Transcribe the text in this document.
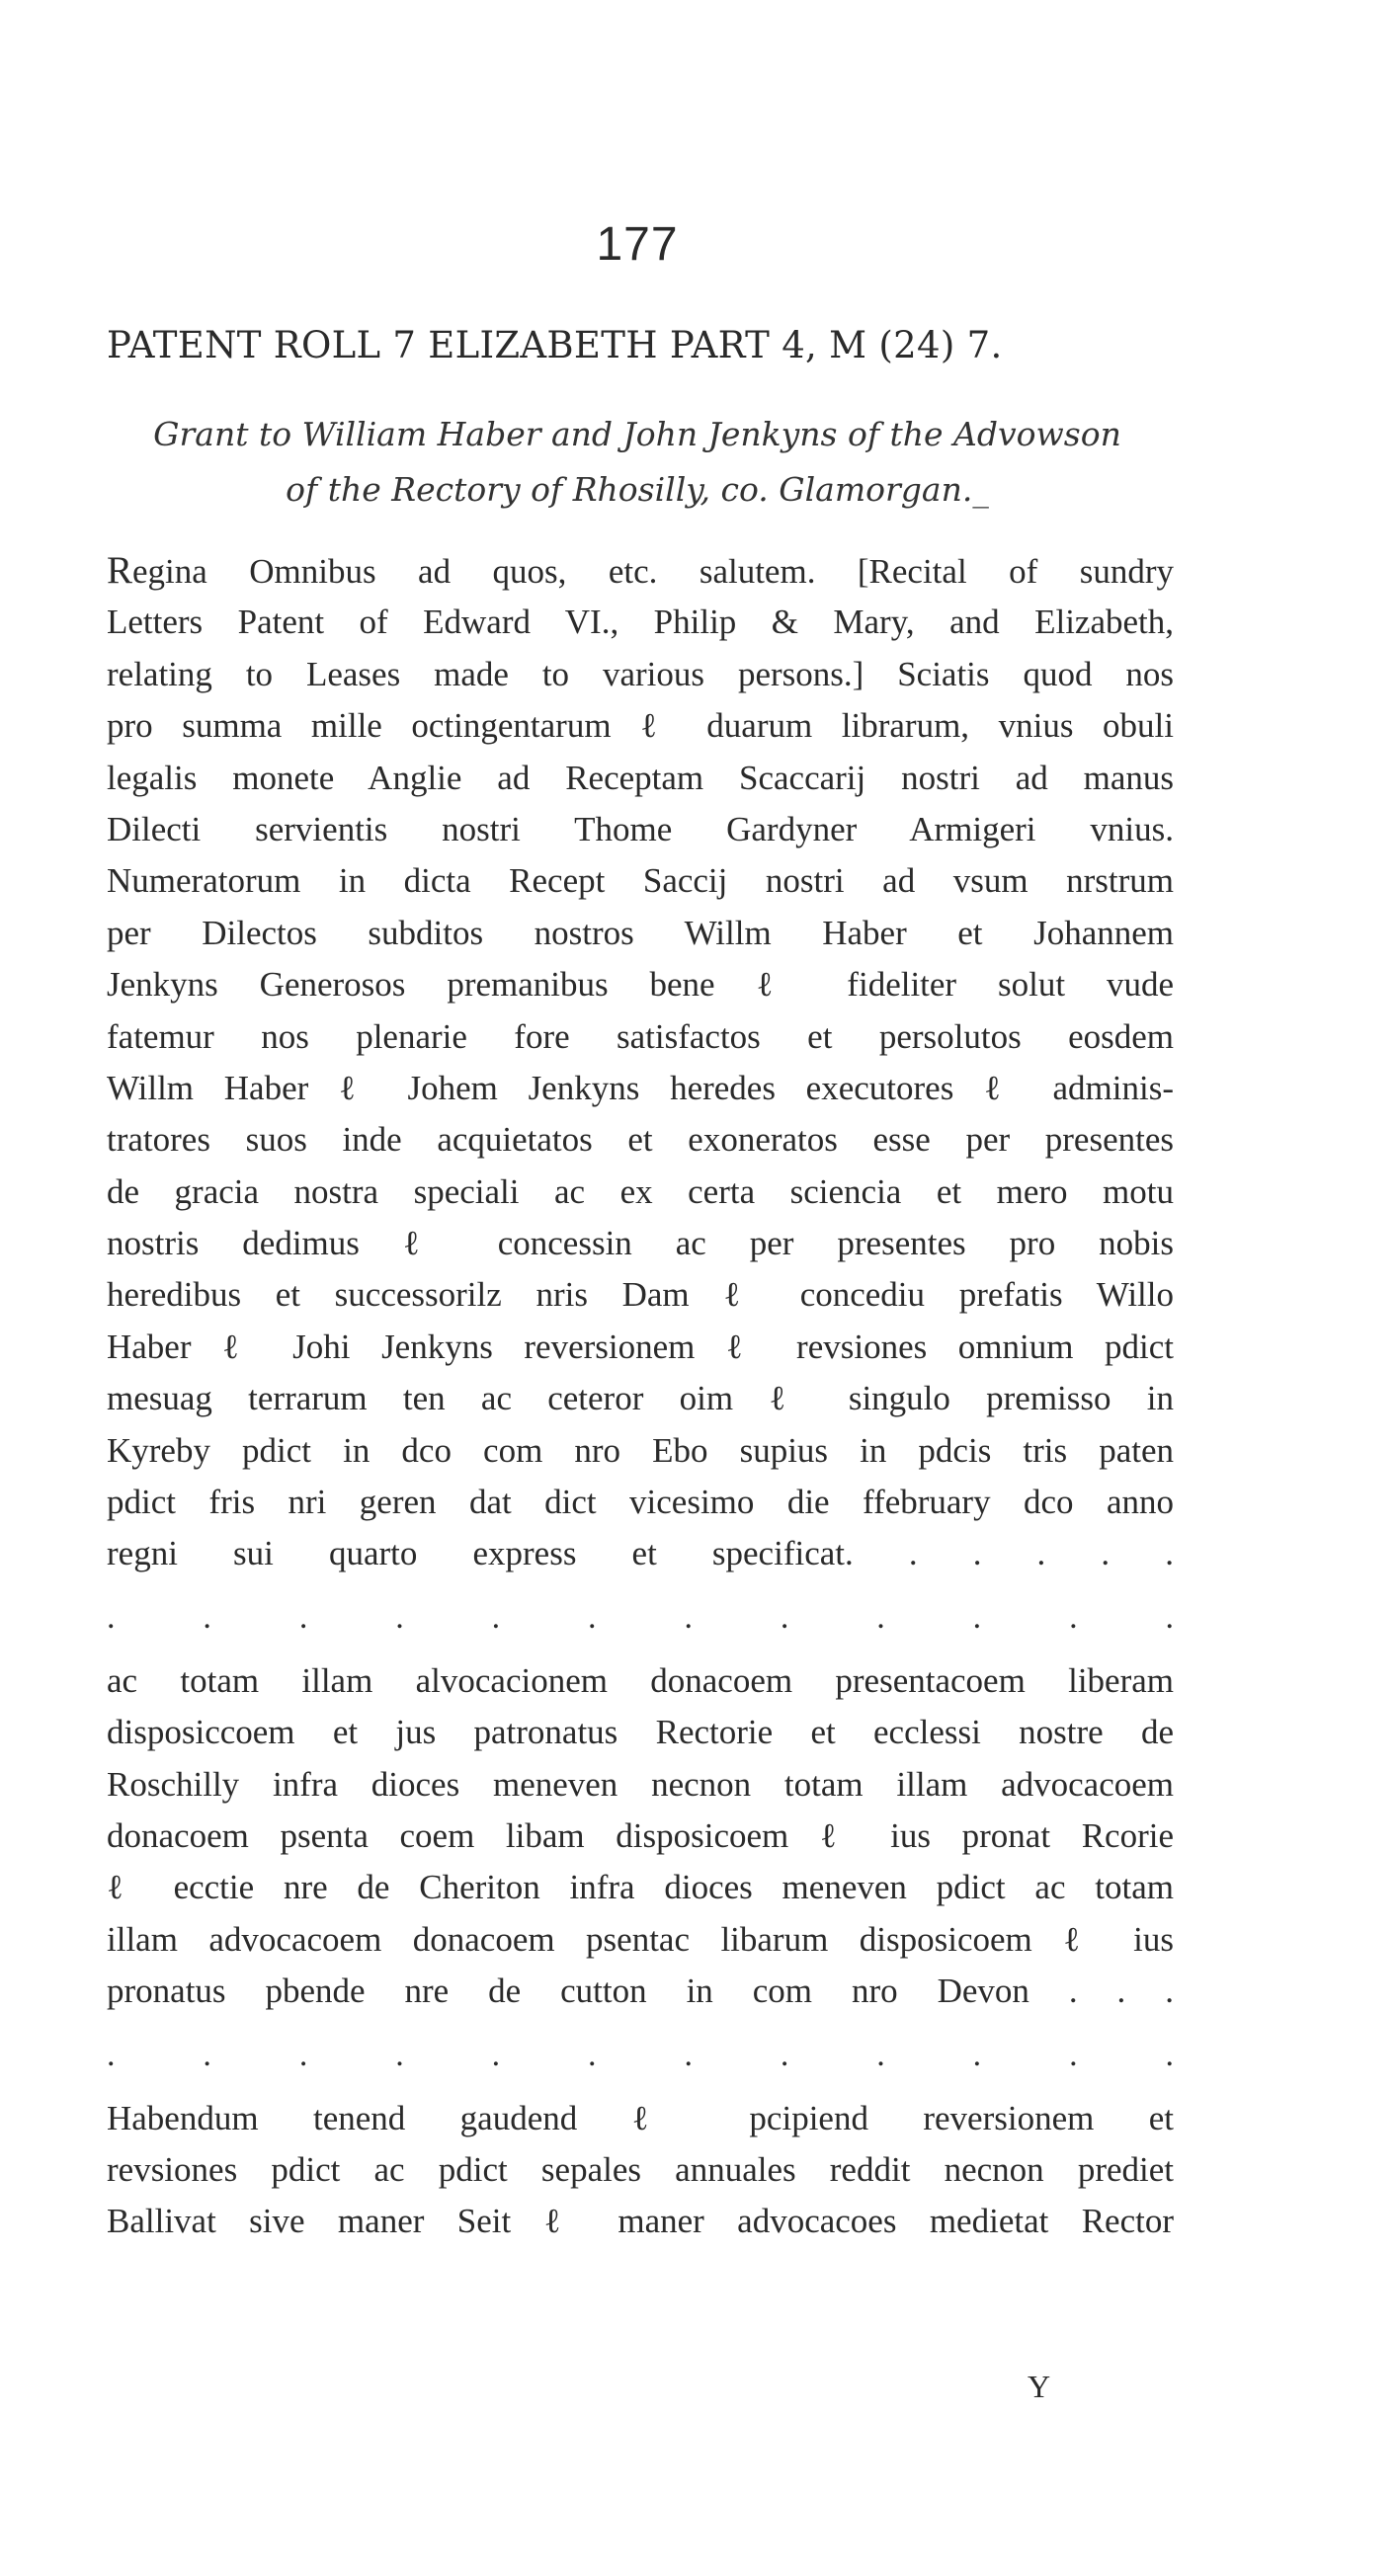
177
PATENT ROLL 7 ELIZABETH PART 4, M (24) 7.
Grant to William Haber and John Jenkyns of the Advowson
of the Rectory of Rhosilly, co. Glamorgan._
Regina Omnibus ad quos, etc. salutem. [Recital of sundry
Letters Patent of Edward VI., Philip & Mary, and Elizabeth,
relating to Leases made to various persons.] Sciatis quod nos
pro summa mille octingentarum ℓ duarum librarum, vnius obuli
legalis monete Anglie ad Receptam Scaccarij nostri ad manus
Dilecti servientis nostri Thome Gardyner Armigeri vnius.
Numeratorum in dicta Recept Saccij nostri ad vsum nrstrum
per Dilectos subditos nostros Willm Haber et Johannem
Jenkyns Generosos premanibus bene ℓ fideliter solut vude
fatemur nos plenarie fore satisfactos et persolutos eosdem
Willm Haber ℓ Johem Jenkyns heredes executores ℓ adminis-
tratores suos inde acquietatos et exoneratos esse per presentes
de gracia nostra speciali ac ex certa sciencia et mero motu
nostris dedimus ℓ concessin ac per presentes pro nobis
heredibus et successorilz nris Dam ℓ concediu prefatis Willo
Haber ℓ Johi Jenkyns reversionem ℓ revsiones omnium pdict
mesuag terrarum ten ac ceteror oim ℓ singulo premisso in
Kyreby pdict in dco com nro Ebo supius in pdcis tris paten
pdict fris nri geren dat dict vicesimo die ffebruary dco anno
regni sui quarto express et specificat. . . . . .
. . . . . . . . . . . .
ac totam illam alvocacionem donacoem presentacoem liberam
disposiccoem et jus patronatus Rectorie et ecclessi nostre de
Roschilly infra dioces meneven necnon totam illam advocacoem
donacoem psenta coem libam disposicoem ℓ ius pronat Rcorie
ℓ ecctie nre de Cheriton infra dioces meneven pdict ac totam
illam advocacoem donacoem psentac libarum disposicoem ℓ ius
pronatus pbende nre de cutton in com nro Devon . . .
. . . . . . . . . . . .
Habendum tenend gaudend ℓ pcipiend reversionem et
revsiones pdict ac pdict sepales annuales reddit necnon prediet
Ballivat sive maner Seit ℓ maner advocacoes medietat Rector
Y
